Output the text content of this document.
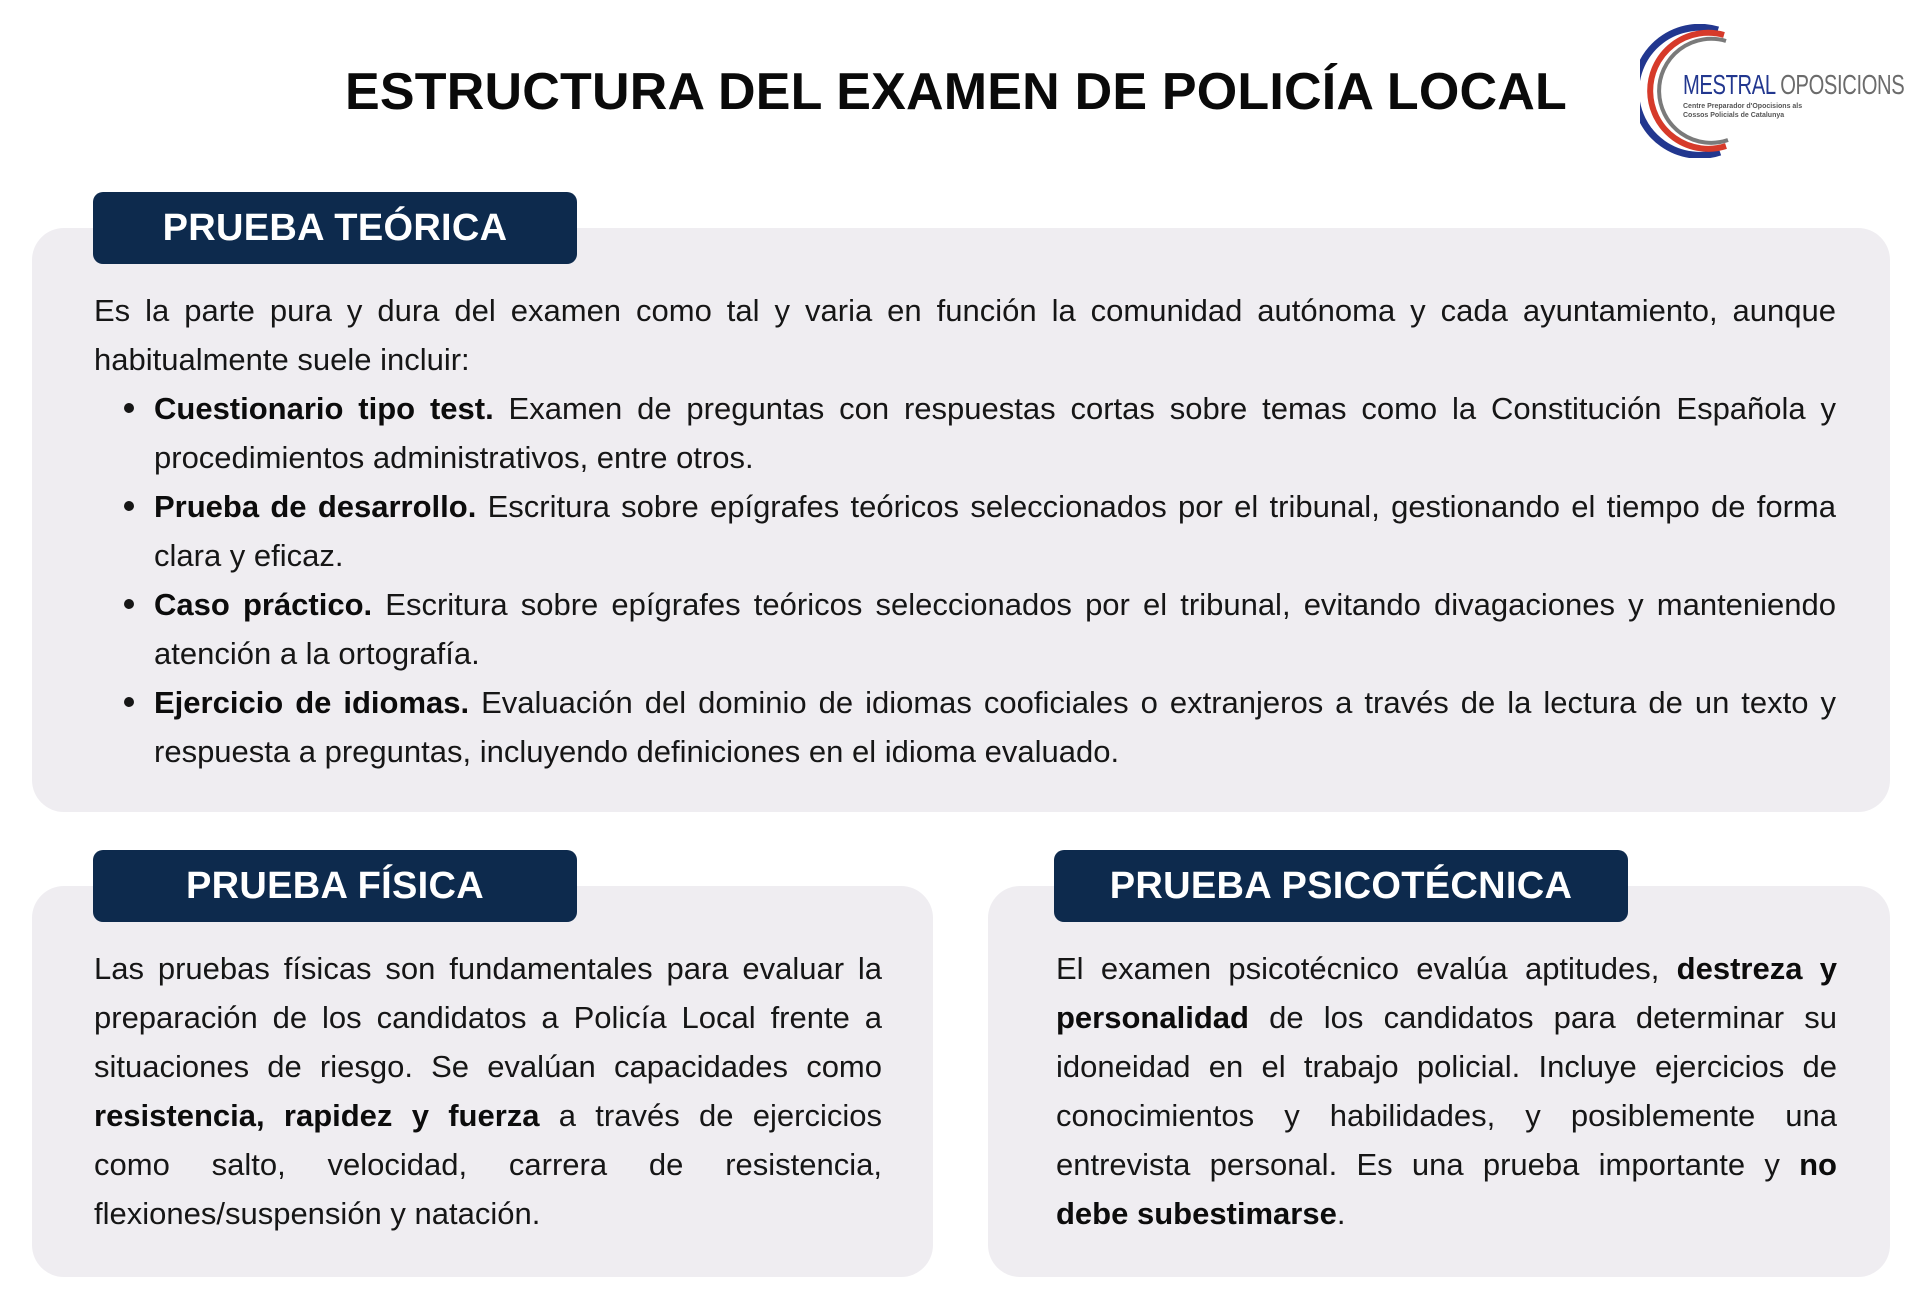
ESTRUCTURA DEL EXAMEN DE POLICÍA LOCAL	MESTRAL OPOSICIONS
Centre Preparador d'Opocisions als
Cossos Policials de Catalunya
PRUEBA TEÓRICA

Es la parte pura y dura del examen como tal y varia en función la comunidad autónoma y cada ayuntamiento, aunque habitualmente suele incluir:

Cuestionario tipo test. Examen de preguntas con respuestas cortas sobre temas como la Constitución Española y procedimientos administrativos, entre otros.
Prueba de desarrollo. Escritura sobre epígrafes teóricos seleccionados por el tribunal, gestionando el tiempo de forma clara y eficaz.
Caso práctico. Escritura sobre epígrafes teóricos seleccionados por el tribunal, evitando divagaciones y manteniendo atención a la ortografía.
Ejercicio de idiomas. Evaluación del dominio de idiomas cooficiales o extranjeros a través de la lectura de un texto y respuesta a preguntas, incluyendo definiciones en el idioma evaluado.
PRUEBA FÍSICA

Las pruebas físicas son fundamentales para evaluar la preparación de los candidatos a Policía Local frente a situaciones de riesgo. Se evalúan capacidades como resistencia, rapidez y fuerza a través de ejercicios como salto, velocidad, carrera de resistencia, flexiones/suspensión y natación.

PRUEBA PSICOTÉCNICA

El examen psicotécnico evalúa aptitudes, destreza y personalidad de los candidatos para determinar su idoneidad en el trabajo policial. Incluye ejercicios de conocimientos y habilidades, y posiblemente una entrevista personal. Es una prueba importante y no debe subestimarse.
